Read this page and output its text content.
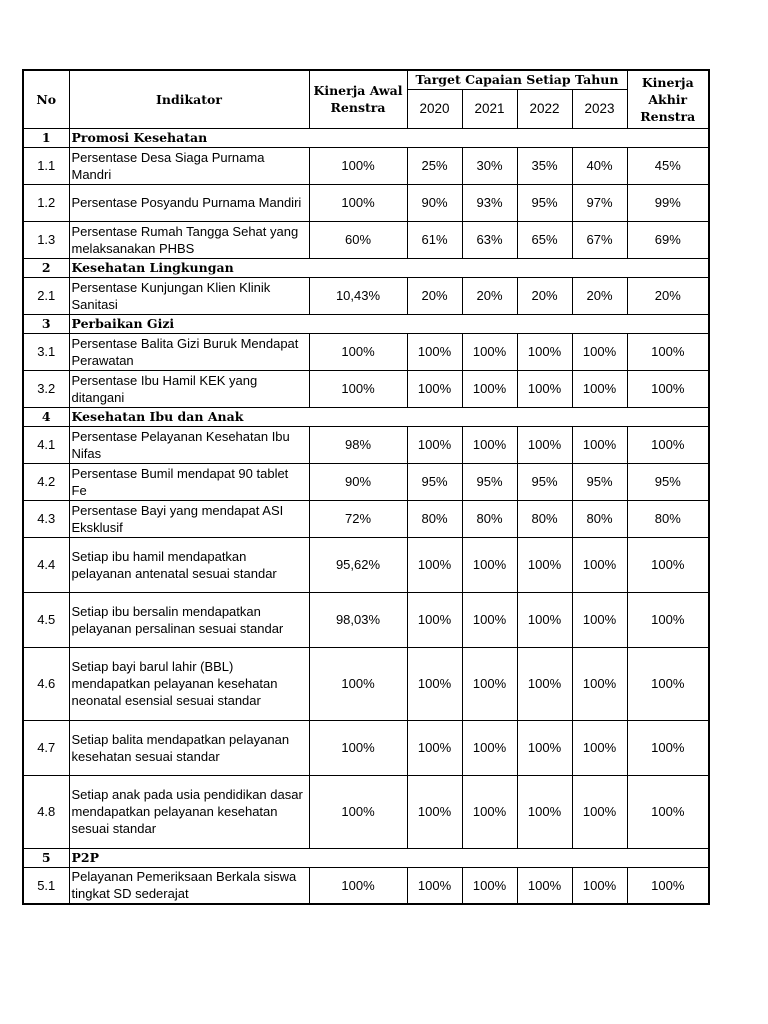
No	Indikator	Kinerja Awal Renstra	Target Capaian Setiap Tahun				Kinerja Akhir Renstra
			2020	2021	2022	2023	
1	Promosi Kesehatan						
1.1	Persentase Desa Siaga Purnama Mandri	100%	25%	30%	35%	40%	45%
1.2	Persentase Posyandu Purnama Mandiri	100%	90%	93%	95%	97%	99%
1.3	Persentase Rumah Tangga Sehat yang melaksanakan PHBS	60%	61%	63%	65%	67%	69%
2	Kesehatan Lingkungan						
2.1	Persentase Kunjungan Klien Klinik Sanitasi	10,43%	20%	20%	20%	20%	20%
3	Perbaikan Gizi						
3.1	Persentase Balita Gizi Buruk Mendapat Perawatan	100%	100%	100%	100%	100%	100%
3.2	Persentase Ibu Hamil KEK yang ditangani	100%	100%	100%	100%	100%	100%
4	Kesehatan Ibu dan Anak						
4.1	Persentase Pelayanan Kesehatan Ibu Nifas	98%	100%	100%	100%	100%	100%
4.2	Persentase Bumil mendapat 90 tablet Fe	90%	95%	95%	95%	95%	95%
4.3	Persentase Bayi yang mendapat ASI Eksklusif	72%	80%	80%	80%	80%	80%
4.4	Setiap ibu hamil mendapatkan pelayanan antenatal sesuai standar	95,62%	100%	100%	100%	100%	100%
4.5	Setiap ibu bersalin mendapatkan pelayanan persalinan sesuai standar	98,03%	100%	100%	100%	100%	100%
4.6	Setiap bayi barul lahir (BBL) mendapatkan pelayanan kesehatan neonatal esensial sesuai standar	100%	100%	100%	100%	100%	100%
4.7	Setiap balita mendapatkan pelayanan kesehatan sesuai standar	100%	100%	100%	100%	100%	100%
4.8	Setiap anak pada usia pendidikan dasar mendapatkan pelayanan kesehatan sesuai standar	100%	100%	100%	100%	100%	100%
5	P2P						
5.1	Pelayanan Pemeriksaan Berkala siswa tingkat SD sederajat	100%	100%	100%	100%	100%	100%
